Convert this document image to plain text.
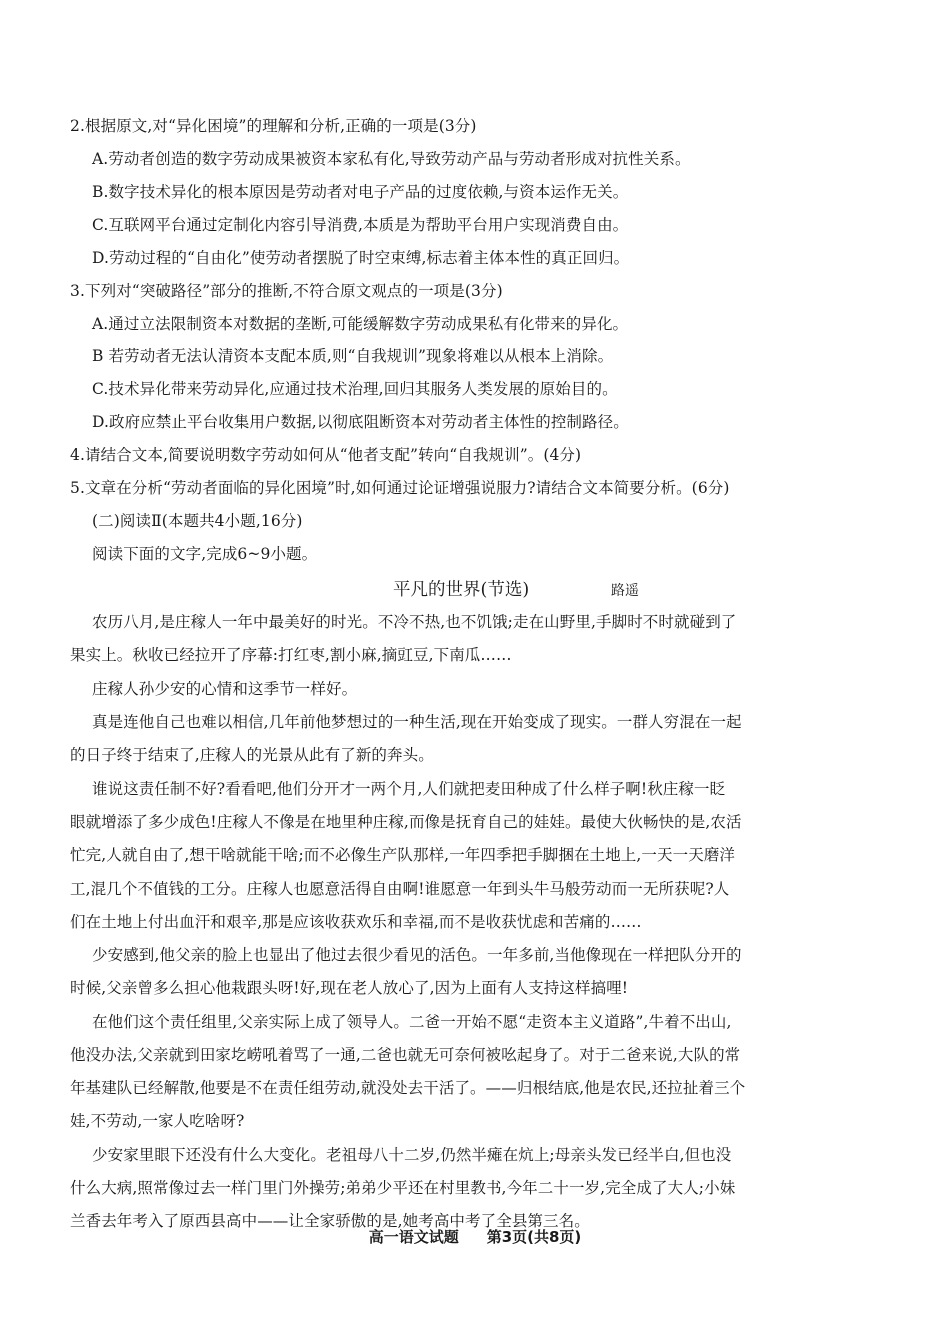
2.根据原文,对“异化困境”的理解和分析,正确的一项是(3分)
A.劳动者创造的数字劳动成果被资本家私有化,导致劳动产品与劳动者形成对抗性关系。
B.数字技术异化的根本原因是劳动者对电子产品的过度依赖,与资本运作无关。
C.互联网平台通过定制化内容引导消费,本质是为帮助平台用户实现消费自由。
D.劳动过程的“自由化”使劳动者摆脱了时空束缚,标志着主体本性的真正回归。
3.下列对“突破路径”部分的推断,不符合原文观点的一项是(3分)
A.通过立法限制资本对数据的垄断,可能缓解数字劳动成果私有化带来的异化。
B 若劳动者无法认清资本支配本质,则“自我规训”现象将难以从根本上消除。
C.技术异化带来劳动异化,应通过技术治理,回归其服务人类发展的原始目的。
D.政府应禁止平台收集用户数据,以彻底阻断资本对劳动者主体性的控制路径。
4.请结合文本,简要说明数字劳动如何从“他者支配”转向“自我规训”。(4分)
5.文章在分析“劳动者面临的异化困境”时,如何通过论证增强说服力?请结合文本简要分析。(6分)
(二)阅读Ⅱ(本题共4小题,16分)
阅读下面的文字,完成6~9小题。
平凡的世界(节选)	路遥
农历八月,是庄稼人一年中最美好的时光。不冷不热,也不饥饿;走在山野里,手脚时不时就碰到了
果实上。秋收已经拉开了序幕:打红枣,割小麻,摘豇豆,下南瓜……
庄稼人孙少安的心情和这季节一样好。
真是连他自己也难以相信,几年前他梦想过的一种生活,现在开始变成了现实。一群人穷混在一起
的日子终于结束了,庄稼人的光景从此有了新的奔头。
谁说这责任制不好?看看吧,他们分开才一两个月,人们就把麦田种成了什么样子啊!秋庄稼一眨
眼就增添了多少成色!庄稼人不像是在地里种庄稼,而像是抚育自己的娃娃。最使大伙畅快的是,农活
忙完,人就自由了,想干啥就能干啥;而不必像生产队那样,一年四季把手脚捆在土地上,一天一天磨洋
工,混几个不值钱的工分。庄稼人也愿意活得自由啊!谁愿意一年到头牛马般劳动而一无所获呢?人
们在土地上付出血汗和艰辛,那是应该收获欢乐和幸福,而不是收获忧虑和苦痛的……
少安感到,他父亲的脸上也显出了他过去很少看见的活色。一年多前,当他像现在一样把队分开的
时候,父亲曾多么担心他栽跟头呀!好,现在老人放心了,因为上面有人支持这样搞哩!
在他们这个责任组里,父亲实际上成了领导人。二爸一开始不愿“走资本主义道路”,牛着不出山,
他没办法,父亲就到田家圪崂吼着骂了一通,二爸也就无可奈何被吆起身了。对于二爸来说,大队的常
年基建队已经解散,他要是不在责任组劳动,就没处去干活了。——归根结底,他是农民,还拉扯着三个
娃,不劳动,一家人吃啥呀?
少安家里眼下还没有什么大变化。老祖母八十二岁,仍然半瘫在炕上;母亲头发已经半白,但也没
什么大病,照常像过去一样门里门外操劳;弟弟少平还在村里教书,今年二十一岁,完全成了大人;小妹
兰香去年考入了原西县高中——让全家骄傲的是,她考高中考了全县第三名。
高一语文试题 第3页(共8页)
